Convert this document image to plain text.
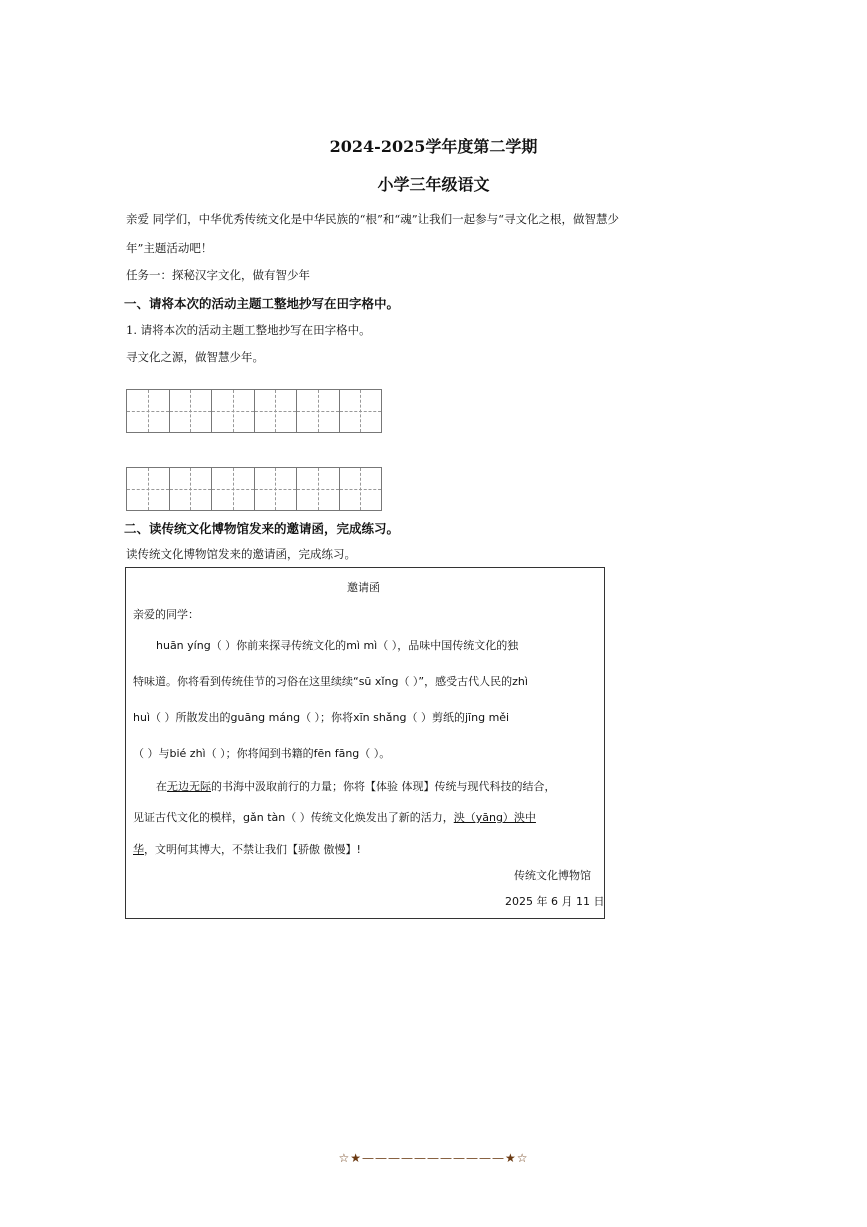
2024-2025学年度第二学期
小学三年级语文
亲爱 同学们，中华优秀传统文化是中华民族的“根”和“魂”让我们一起参与“寻文化之根，做智慧少
年”主题活动吧！
任务一：探秘汉字文化，做有智少年
一、请将本次的活动主题工整地抄写在田字格中。
1. 请将本次的活动主题工整地抄写在田字格中。
寻文化之源，做智慧少年。
二、读传统文化博物馆发来的邀请函，完成练习。
读传统文化博物馆发来的邀请函，完成练习。
邀请函
亲爱的同学：
huān yíng（ ）你前来探寻传统文化的mì mì（ ），品味中国传统文化的独
特味道。你将看到传统佳节的习俗在这里续续“sū xǐng（ ）”，感受古代人民的zhì
huì（ ）所散发出的guāng máng（ ）；你将xīn shǎng（ ）剪纸的jīng měi
（ ）与bié zhì（ ）；你将闻到书籍的fēn fāng（ ）。
在无边无际的书海中汲取前行的力量；你将【体验 体现】传统与现代科技的结合，
见证古代文化的模样，gǎn tàn（ ）传统文化焕发出了新的活力，泱（yāng）泱中
华，文明何其博大，不禁让我们【骄傲 傲慢】!
传统文化博物馆
2025 年 6 月 11 日
☆★———————————★☆
